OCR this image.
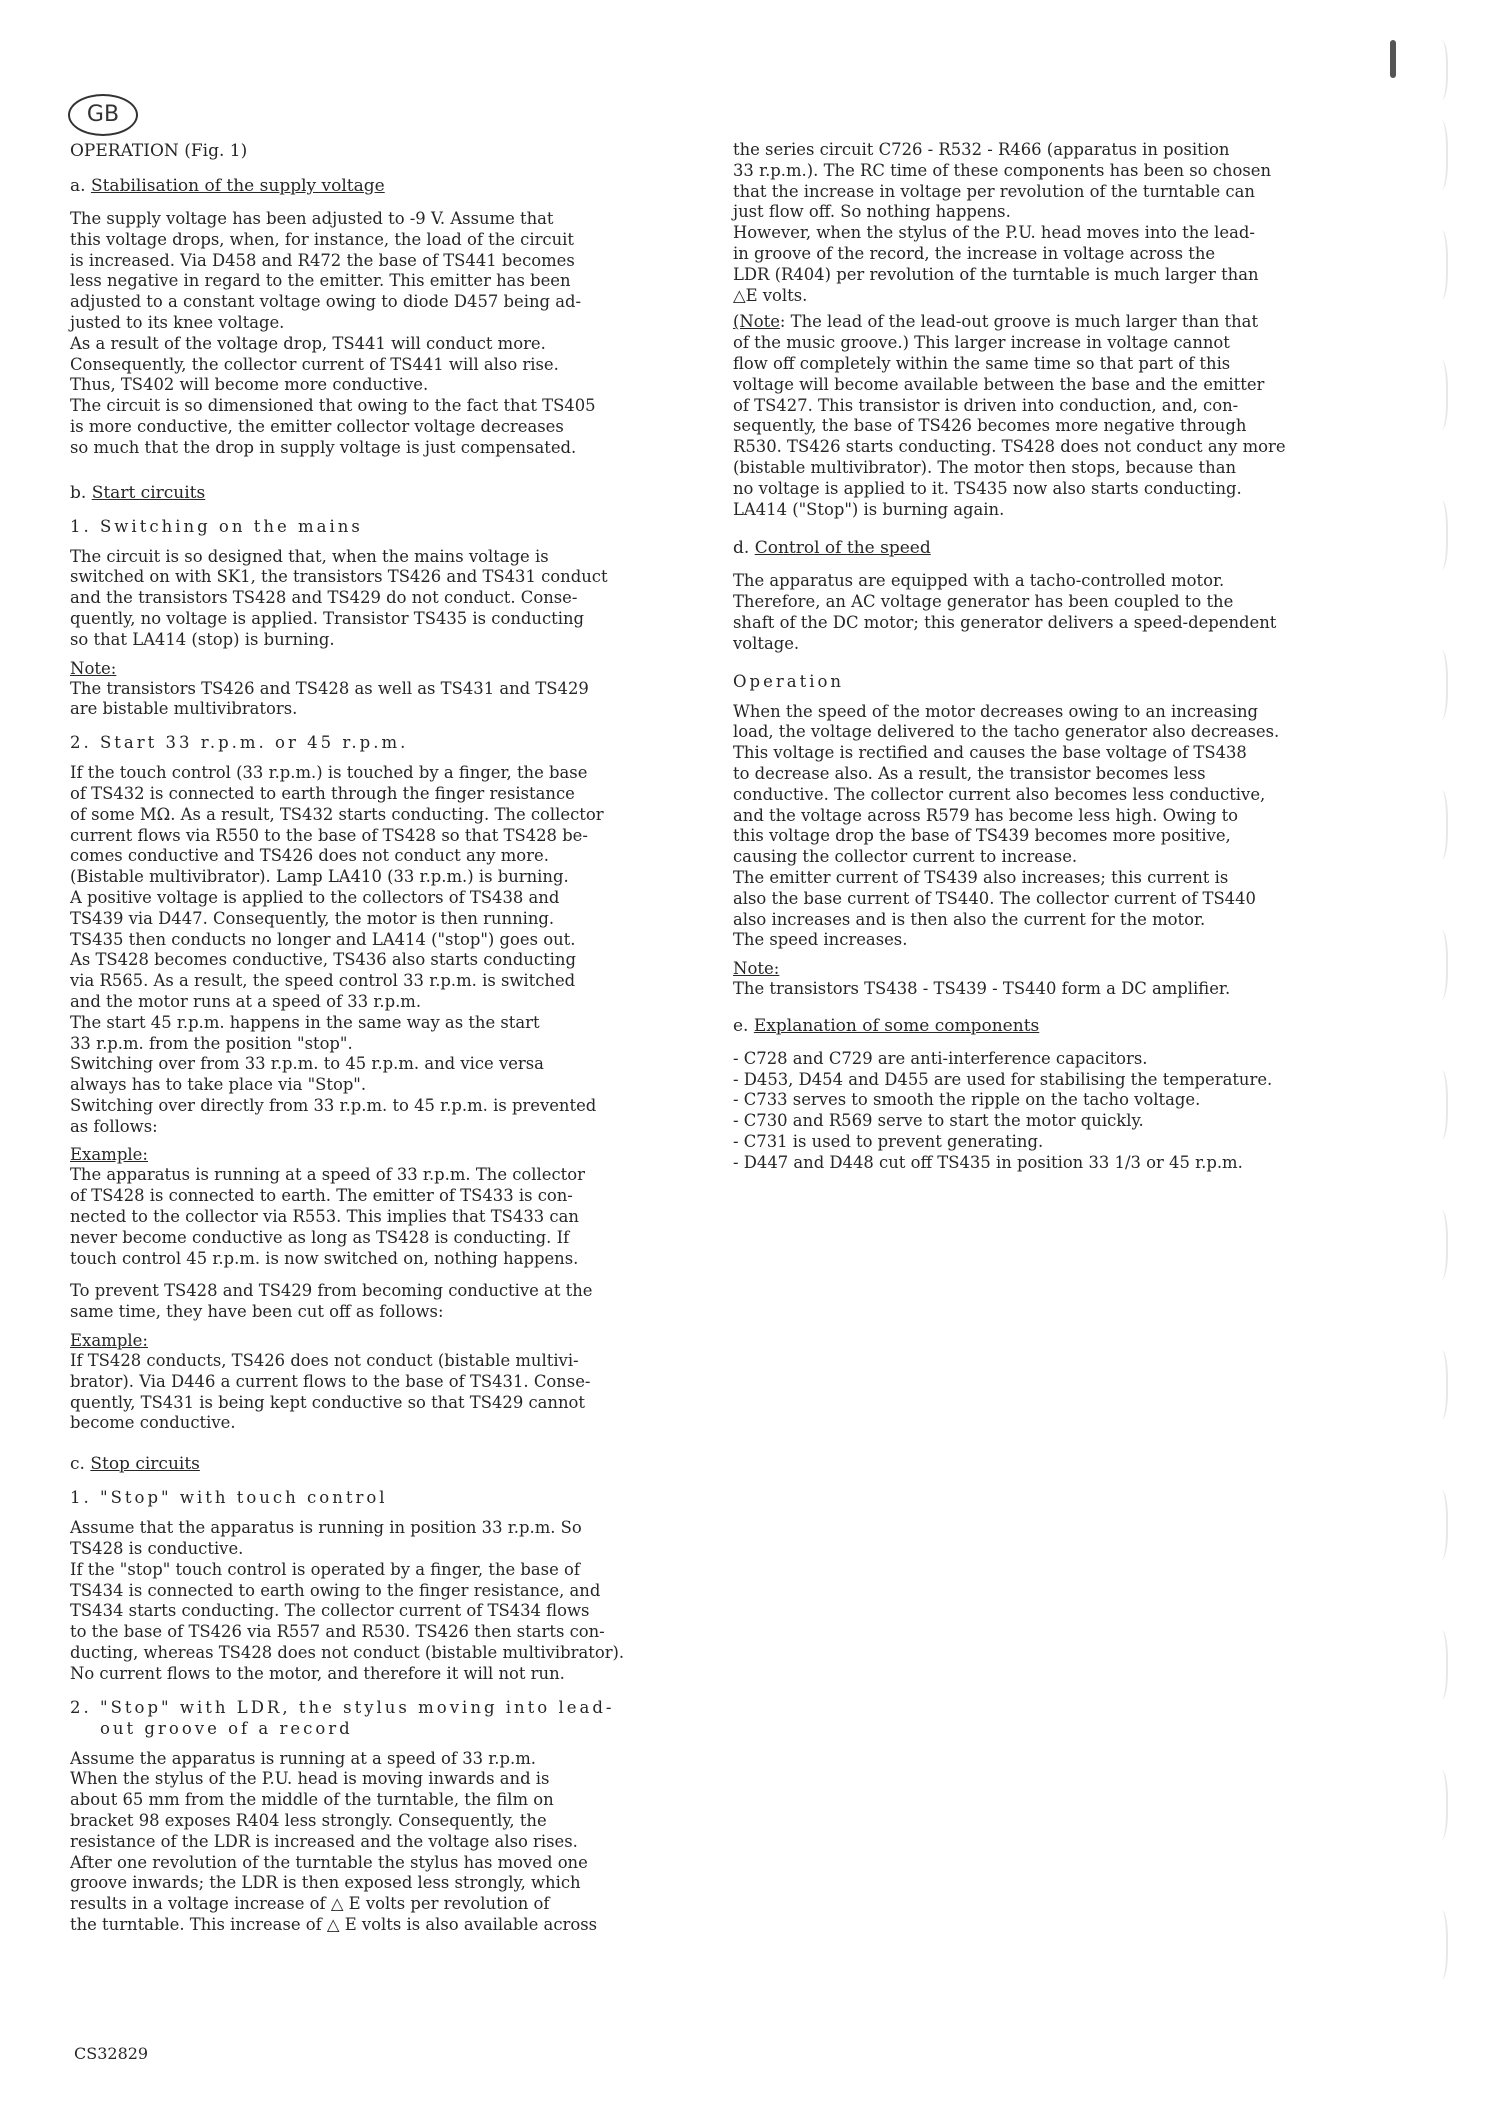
GB
OPERATION (Fig. 1)
a. Stabilisation of the supply voltage
The supply voltage has been adjusted to -9 V. Assume that
this voltage drops, when, for instance, the load of the circuit
is increased. Via D458 and R472 the base of TS441 becomes
less negative in regard to the emitter. This emitter has been
adjusted to a constant voltage owing to diode D457 being ad-
justed to its knee voltage.
As a result of the voltage drop, TS441 will conduct more.
Consequently, the collector current of TS441 will also rise.
Thus, TS402 will become more conductive.
The circuit is so dimensioned that owing to the fact that TS405
is more conductive, the emitter collector voltage decreases
so much that the drop in supply voltage is just compensated.
b. Start circuits
1. Switching on the mains
The circuit is so designed that, when the mains voltage is
switched on with SK1, the transistors TS426 and TS431 conduct
and the transistors TS428 and TS429 do not conduct. Conse-
quently, no voltage is applied. Transistor TS435 is conducting
so that LA414 (stop) is burning.
Note:
The transistors TS426 and TS428 as well as TS431 and TS429
are bistable multivibrators.
2. Start 33 r.p.m. or 45 r.p.m.
If the touch control (33 r.p.m.) is touched by a finger, the base
of TS432 is connected to earth through the finger resistance
of some MΩ. As a result, TS432 starts conducting. The collector
current flows via R550 to the base of TS428 so that TS428 be-
comes conductive and TS426 does not conduct any more.
(Bistable multivibrator). Lamp LA410 (33 r.p.m.) is burning.
A positive voltage is applied to the collectors of TS438 and
TS439 via D447. Consequently, the motor is then running.
TS435 then conducts no longer and LA414 ("stop") goes out.
As TS428 becomes conductive, TS436 also starts conducting
via R565. As a result, the speed control 33 r.p.m. is switched
and the motor runs at a speed of 33 r.p.m.
The start 45 r.p.m. happens in the same way as the start
33 r.p.m. from the position "stop".
Switching over from 33 r.p.m. to 45 r.p.m. and vice versa
always has to take place via "Stop".
Switching over directly from 33 r.p.m. to 45 r.p.m. is prevented
as follows:
Example:
The apparatus is running at a speed of 33 r.p.m. The collector
of TS428 is connected to earth. The emitter of TS433 is con-
nected to the collector via R553. This implies that TS433 can
never become conductive as long as TS428 is conducting. If
touch control 45 r.p.m. is now switched on, nothing happens.
To prevent TS428 and TS429 from becoming conductive at the
same time, they have been cut off as follows:
Example:
If TS428 conducts, TS426 does not conduct (bistable multivi-
brator). Via D446 a current flows to the base of TS431. Conse-
quently, TS431 is being kept conductive so that TS429 cannot
become conductive.
c. Stop circuits
1. "Stop" with touch control
Assume that the apparatus is running in position 33 r.p.m. So
TS428 is conductive.
If the "stop" touch control is operated by a finger, the base of
TS434 is connected to earth owing to the finger resistance, and
TS434 starts conducting. The collector current of TS434 flows
to the base of TS426 via R557 and R530. TS426 then starts con-
ducting, whereas TS428 does not conduct (bistable multivibrator).
No current flows to the motor, and therefore it will not run.
2. "Stop" with LDR, the stylus moving into lead-
out groove of a record
Assume the apparatus is running at a speed of 33 r.p.m.
When the stylus of the P.U. head is moving inwards and is
about 65 mm from the middle of the turntable, the film on
bracket 98 exposes R404 less strongly. Consequently, the
resistance of the LDR is increased and the voltage also rises.
After one revolution of the turntable the stylus has moved one
groove inwards; the LDR is then exposed less strongly, which
results in a voltage increase of △ E volts per revolution of
the turntable. This increase of △ E volts is also available across
the series circuit C726 - R532 - R466 (apparatus in position
33 r.p.m.). The RC time of these components has been so chosen
that the increase in voltage per revolution of the turntable can
just flow off. So nothing happens.
However, when the stylus of the P.U. head moves into the lead-
in groove of the record, the increase in voltage across the
LDR (R404) per revolution of the turntable is much larger than
△E volts.
(Note: The lead of the lead-out groove is much larger than that
of the music groove.) This larger increase in voltage cannot
flow off completely within the same time so that part of this
voltage will become available between the base and the emitter
of TS427. This transistor is driven into conduction, and, con-
sequently, the base of TS426 becomes more negative through
R530. TS426 starts conducting. TS428 does not conduct any more
(bistable multivibrator). The motor then stops, because than
no voltage is applied to it. TS435 now also starts conducting.
LA414 ("Stop") is burning again.
d. Control of the speed
The apparatus are equipped with a tacho-controlled motor.
Therefore, an AC voltage generator has been coupled to the
shaft of the DC motor; this generator delivers a speed-dependent
voltage.
Operation
When the speed of the motor decreases owing to an increasing
load, the voltage delivered to the tacho generator also decreases.
This voltage is rectified and causes the base voltage of TS438
to decrease also. As a result, the transistor becomes less
conductive. The collector current also becomes less conductive,
and the voltage across R579 has become less high. Owing to
this voltage drop the base of TS439 becomes more positive,
causing the collector current to increase.
The emitter current of TS439 also increases; this current is
also the base current of TS440. The collector current of TS440
also increases and is then also the current for the motor.
The speed increases.
Note:
The transistors TS438 - TS439 - TS440 form a DC amplifier.
e. Explanation of some components
- C728 and C729 are anti-interference capacitors.
- D453, D454 and D455 are used for stabilising the temperature.
- C733 serves to smooth the ripple on the tacho voltage.
- C730 and R569 serve to start the motor quickly.
- C731 is used to prevent generating.
- D447 and D448 cut off TS435 in position 33 1/3 or 45 r.p.m.
CS32829
